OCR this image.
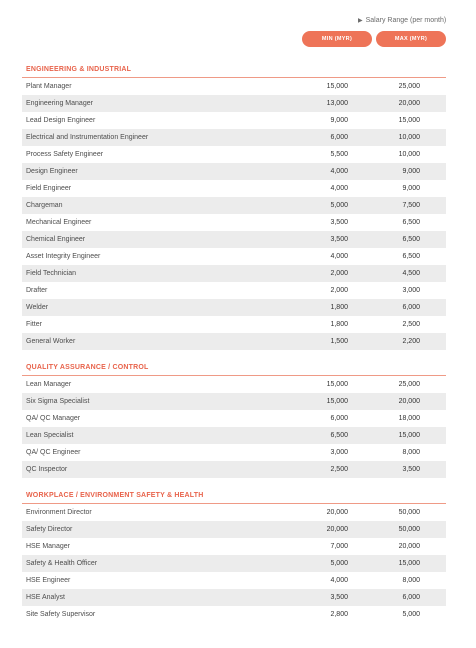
▶ Salary Range (per month)
MIN (MYR)	MAX (MYR)
ENGINEERING & INDUSTRIAL
Plant Manager	15,000	25,000
Engineering Manager	13,000	20,000
Lead Design Engineer	9,000	15,000
Electrical and Instrumentation Engineer	6,000	10,000
Process Safety Engineer	5,500	10,000
Design Engineer	4,000	9,000
Field Engineer	4,000	9,000
Chargeman	5,000	7,500
Mechanical Engineer	3,500	6,500
Chemical Engineer	3,500	6,500
Asset Integrity Engineer	4,000	6,500
Field Technician	2,000	4,500
Drafter	2,000	3,000
Welder	1,800	6,000
Fitter	1,800	2,500
General Worker	1,500	2,200
QUALITY ASSURANCE / CONTROL
Lean Manager	15,000	25,000
Six Sigma Specialist	15,000	20,000
QA/ QC Manager	6,000	18,000
Lean Specialist	6,500	15,000
QA/ QC Engineer	3,000	8,000
QC Inspector	2,500	3,500
WORKPLACE / ENVIRONMENT SAFETY & HEALTH
Environment Director	20,000	50,000
Safety Director	20,000	50,000
HSE Manager	7,000	20,000
Safety & Health Officer	5,000	15,000
HSE Engineer	4,000	8,000
HSE Analyst	3,500	6,000
Site Safety Supervisor	2,800	5,000
